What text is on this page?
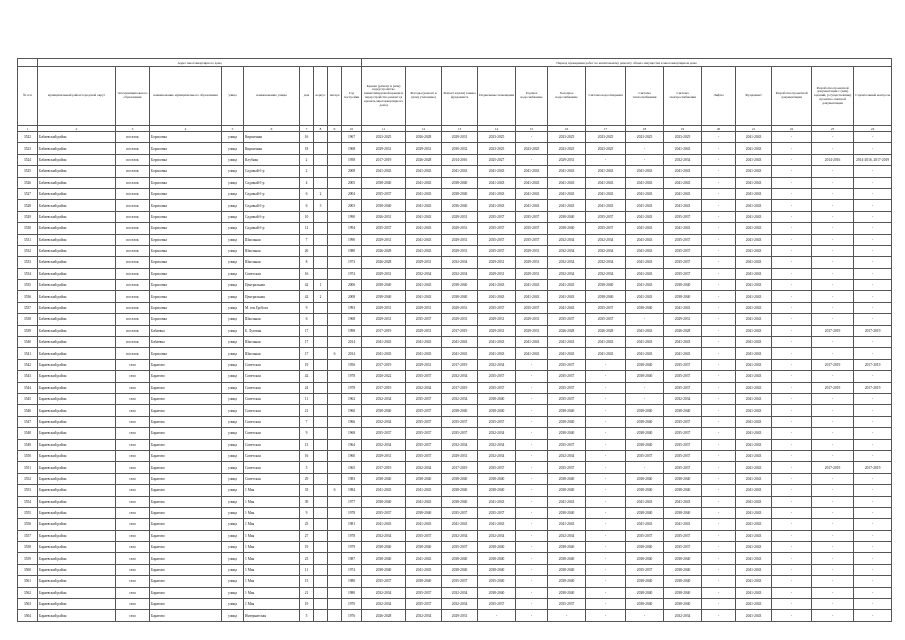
	Адрес многоквартирного дома									Период проведения работ по капитальному ремонту общего имущества в многоквартирном доме													
№ п/п	муниципальный район/городской округ	тип муниципального образования	наименование муниципального образования	улица	наименование улицы	дом	корпус	литера	Год постройки	Крыша (ремонт и (или) переустройство невентилируемой крыши и переустройство ремонт (в кровель многоквартирного дома)	Фасады (ремонт и (или) утепление)	Ремонт и (или) замена фундамента	Подвальные помещения	Горячее водоснабжение	Холодное водоснабжение	Система водоотведения	Система теплоснабжения	Система электроснабжения	Лифты	Фундамент	Разработка проектной документации	Разработка проектной документации с (или) заданий, (осуществление) проектно-сметной документации	Строительный контроль
1	2	3	4	5	6	7	8	9	10	11	12	13	14	15	16	17	18	19	20	21	22	23	24
3522	Бабаевский район	поселок	Борисовка	улица	Кирпичная	16			1967	2023-2025	2026-2028	2029-2031	2023-2025	-	2023-2025	2023-2025	2023-2025	2023-2025	-	2041-2043	-	-	-
3523	Бабаевский район	поселок	Борисовка	улица	Кирпичная	18			1968	2029-2031	2029-2031	2030-2032	2023-2025	2023-2025	2023-2025	2023-2025	-	2041-2043	-	2041-2043	-	-	-
3524	Бабаевский район	поселок	Борисовка	улица	Клубная	2			1958	2017-2019	2026-2028	2014-2016	2025-2027	-	2029-2031	-	-	2032-2034	-	2041-2043	-	2014-2016	2014-2016, 2017-2019
3525	Бабаевский район	поселок	Борисовка	улица	Садовый б-р	2			2008	2041-2043	2041-2043	2041-2043	2041-2043	2041-2043	2041-2043	2041-2043	2041-2043	2041-2043	-	2041-2043	-	-	-
3526	Бабаевский район	поселок	Борисовка	улица	Садовый б-р	4			2005	2038-2040	2041-2043	2038-2040	2041-2043	2041-2043	2041-2043	2041-2043	2041-2043	2041-2043	-	2041-2043	-	-	-
3527	Бабаевский район	поселок	Борисовка	улица	Садовый б-р	6	2		2004	2035-2037	2041-2043	2038-2040	2041-2043	2041-2043	2041-2043	2041-2043	2041-2043	2041-2043	-	2041-2043	-	-	-
3528	Бабаевский район	поселок	Борисовка	улица	Садовый б-р	6	3		2003	2038-2040	2041-2043	2036-2040	2041-2043	2041-2043	2041-2043	2041-2043	2041-2043	2041-2043	-	2041-2043	-	-	-
3529	Бабаевский район	поселок	Борисовка	улица	Садовый б-р	10			1990	2026-2031	2041-2043	2029-2031	2035-2037	2035-2037	2038-2040	2035-2037	2041-2043	2035-2037	-	2041-2043	-	-	-
3530	Бабаевский район	поселок	Борисовка	улица	Садовый б-р	12			1994	2035-2037	2041-2043	2029-2031	2035-2037	2035-2037	2038-2040	2035-2037	2041-2043	2041-2043	-	2041-2043	-	-	-
3531	Бабаевский район	поселок	Борисовка	улица	Школьная	7			1990	2029-2031	2041-2043	2029-2031	2035-2037	2035-2037	2032-2034	2032-2034	2041-2043	2035-2037	-	2041-2043	-	-	-
3532	Бабаевский район	поселок	Борисовка	улица	Школьная	26			1980	2026-2028	2041-2043	2029-2031	2035-2037	2029-2031	2032-2034	2032-2034	2041-2043	2035-2037	-	2041-2043	-	-	-
3533	Бабаевский район	поселок	Борисовка	улица	Школьная	8			1973	2026-2028	2029-2031	2032-2034	2029-2031	2029-2031	2032-2034	2032-2034	2041-2043	2035-2037	-	2041-2043	-	-	-
3534	Бабаевский район	поселок	Борисовка	улица	Советская	16			1974	2029-2031	2032-2034	2032-2034	2029-2031	2029-2031	2032-2034	2032-2034	2041-2043	2035-2037	-	2041-2043	-	-	-
3535	Бабаевский район	поселок	Борисовка	улица	Центральная	42	1		2006	2038-2040	2041-2043	2038-2040	2041-2043	2041-2043	2041-2043	2038-2040	2041-2043	2038-2040	-	2041-2043	-	-	-
3536	Бабаевский район	поселок	Борисовка	улица	Центральная	42	2		2008	2038-2040	2041-2043	2038-2040	2041-2043	2041-2043	2041-2043	2038-2040	2041-2043	2038-2040	-	2041-2043	-	-	-
3537	Бабаевский район	поселок	Борисовка	улица	М. ген Гробоза	9			1993	2029-2031	2029-2031	2029-2031	2035-2037	2035-2037	2041-2043	2035-2037	2038-2040	2041-2043	-	2041-2043	-	-	-
3538	Бабаевский район	поселок	Борисовка	улица	Школьная	6			1968	2029-2031	2035-2037	2029-2031	2029-2031	2029-2031	2035-2037	2035-2037	-	2029-2031	-	2041-2043	-	-	-
3539	Бабаевский район	поселок	Бабаевка	улица	Б. Луговая	17			1998	2017-2019	2029-2031	2017-2019	2029-2031	2029-2031	2026-2028	2026-2028	2041-2043	2026-2028	-	2041-2043	-	2017-2019	2017-2019
3540	Бабаевский район	поселок	Бабаевка	улица	Школьная	17			2014	2041-2043	2041-2043	2041-2043	2041-2043	2041-2043	2041-2043	2041-2043	2041-2043	2041-2043	-	2041-2043	-	-	-
3541	Бабаевский район	поселок	Борисовка	улица	Школьная	17		6	2014	2041-2043	2041-2043	2041-2043	2041-2043	2041-2043	2041-2043	2041-2043	2041-2043	2041-2043	-	2041-2043	-	-	-
3542	Бараевский район	село	Баратово	улица	Советская	19			1956	2017-2019	2029-2031	2017-2019	2032-2034	-	2035-2037	-	2038-2040	2035-2037	-	2041-2043	-	2017-2019	2017-2019
3543	Бараевский район	село	Баратово	улица	Советская	42			1978	2020-2022	2035-2037	2032-2034	2035-2037	-	2035-2037	-	2038-2040	2035-2037	-	2041-2043	-	-	-
3544	Бараевский район	село	Баратово	улица	Советская	24			1978	2017-2019	2032-2034	2017-2019	2035-2037	-	2035-2037	-	-	2035-2037	-	2041-2043	-	2017-2019	2017-2019
3545	Бараевский район	село	Баратово	улица	Советская	11			1962	2032-2034	2035-2037	2032-2034	2038-2040	-	2035-2037	-	-	2032-2034	-	2041-2043	-	-	-
3546	Бараевский район	село	Баратово	улица	Советская	21			1960	2038-2040	2035-2037	2038-2040	2038-2040	-	2038-2040	-	2038-2040	2038-2040	-	2041-2043	-	-	-
3547	Бараевский район	село	Баратово	улица	Советская	7			1966	2032-2034	2035-2037	2035-2037	2035-2037	-	2038-2040	-	2038-2040	2035-2037	-	2041-2043	-	-	-
3548	Бараевский район	село	Баратово	улица	Советская	9			1968	2035-2037	2035-2037	2035-2037	2032-2034	-	2038-2040	-	2038-2040	2035-2037	-	2041-2043	-	-	-
3549	Бараевский район	село	Баратово	улица	Советская	13			1964	2032-2034	2035-2037	2032-2034	2032-2034	-	2035-2037	-	2038-2040	2035-2037	-	2041-2043	-	-	-
3550	Бараевский район	село	Баратово	улица	Советская	16			1960	2029-2031	2035-2037	2029-2031	2032-2034	-	2032-2034	-	2035-2037	2035-2037	-	2041-2043	-	-	-
3551	Бараевский район	село	Баратово	улица	Советская	5			1965	2017-2019	2032-2034	2017-2019	2035-2037	-	2035-2037	-	-	2035-2037	-	2041-2043	-	2017-2019	2017-2019
3552	Бараевский район	село	Баратово	улица	Советская	29			1983	2038-2040	2038-2040	2038-2040	2038-2040	-	2038-2040	-	2038-2040	2038-2040	-	2041-2043	-	-	-
3553	Бараевский район	село	Баратово	улица	1 Мая	33		6	1984	2041-2043	2041-2043	2038-2040	2038-2040	-	2038-2040	-	2038-2040	2038-2040	-	2041-2043	-	-	-
3554	Бараевский район	село	Баратово	улица	1 Мая	39			1977	2038-2040	2041-2043	2038-2040	2041-2043	-	2041-2043	-	2041-2043	2041-2043	-	2041-2043	-	-	-
3555	Бараевский район	село	Баратово	улица	1 Мая	9			1978	2035-2037	2038-2040	2035-2037	2035-2037	-	2038-2040	-	2038-2040	2038-2040	-	2041-2043	-	-	-
3556	Бараевский район	село	Баратово	улица	1 Мая	25			1981	2041-2043	2041-2043	2041-2043	2041-2043	-	2041-2043	-	2041-2043	2041-2043	-	2041-2043	-	-	-
3557	Бараевский район	село	Баратово	улица	1 Мая	27			1978	2032-2034	2035-2037	2032-2034	2032-2034	-	2032-2034	-	2035-2037	2035-2037	-	2041-2043	-	-	-
3558	Бараевский район	село	Баратово	улица	1 Мая	19			1979	2038-2040	2038-2040	2035-2037	2038-2040	-	2038-2040	-	2038-2040	2035-2037	-	2041-2043	-	-	-
3559	Бараевский район	село	Баратово	улица	1 Мая	23			1987	2038-2040	2041-2043	2038-2040	2038-2040	-	2038-2040	-	2038-2040	2038-2040	-	2041-2043	-	-	-
3560	Бараевский район	село	Баратово	улица	1 Мая	11			1974	2038-2040	2041-2043	2038-2040	2038-2040	-	2038-2040	-	2035-2037	2038-2040	-	2041-2043	-	-	-
3561	Бараевский район	село	Баратово	улица	1 Мая	15			1980	2035-2037	2038-2040	2035-2037	2035-2040	-	2038-2040	-	2038-2040	2038-2040	-	2041-2043	-	-	-
3562	Бараевский район	село	Баратово	улица	1 Мая	21			1980	2032-2034	2035-2037	2032-2034	2038-2040	-	2038-2040	-	2038-2040	2038-2040	-	2041-2043	-	-	-
3563	Бараевский район	село	Баратово	улица	1 Мая	19			1970	2032-2034	2035-2037	2032-2034	2035-2037	-	2035-2037	-	2038-2040	2038-2040	-	2041-2043	-	-	-
3564	Бараевский район	село	Баратово	улица	Интернатская	5			1976	2026-2028	2032-2034	2029-2031	-	-	-	-	-	2032-2034	-	2041-2043	-	-	-
